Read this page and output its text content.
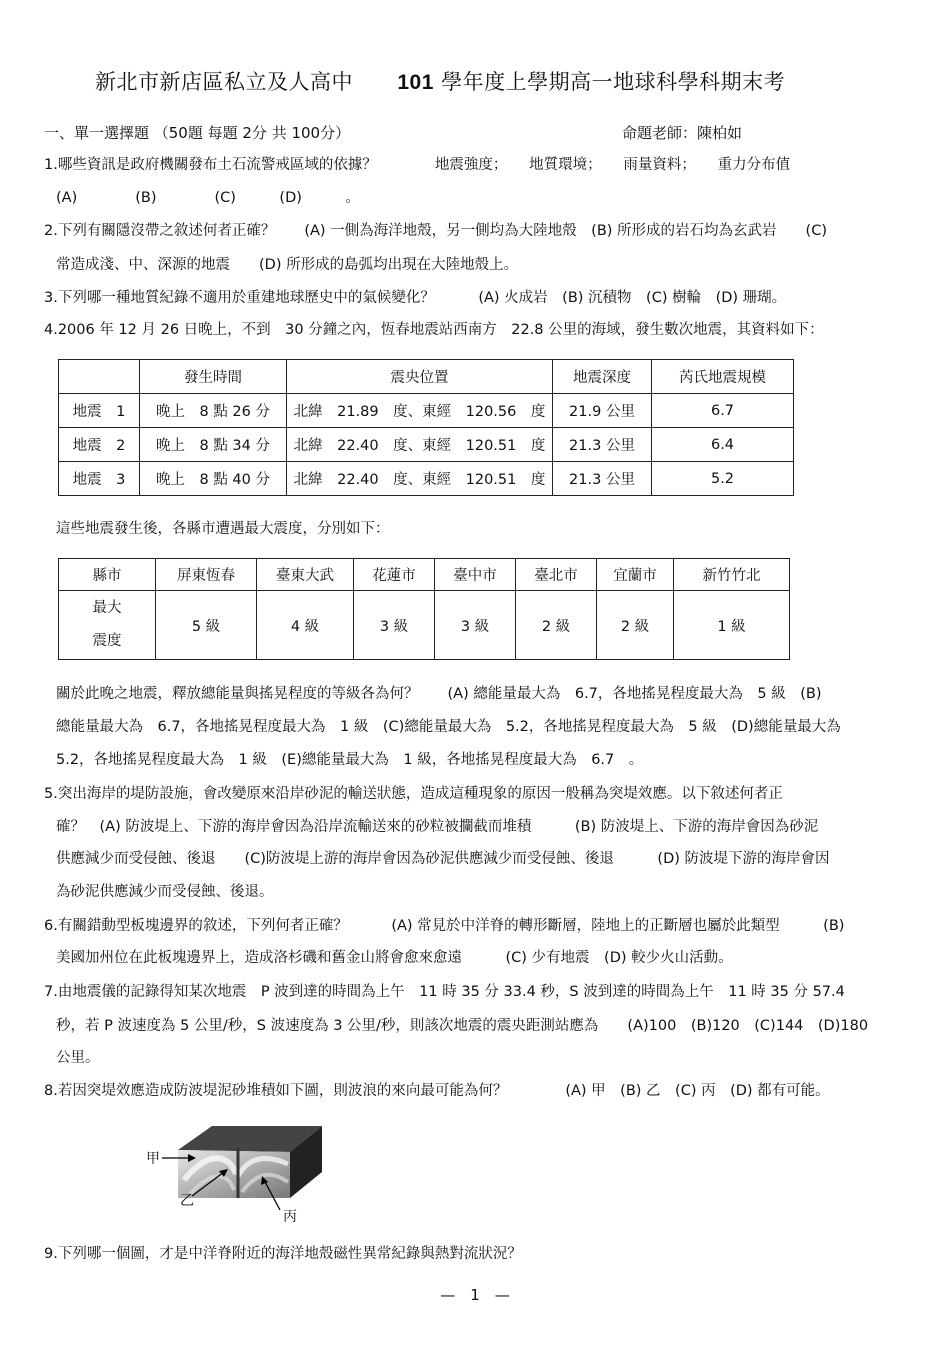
新北市新店區私立及人高中 101 學年度上學期高一地球科學科期末考
一、單一選擇題 （50題 每題 2分 共 100分）	命題老師：陳柏如
1.哪些資訊是政府機關發布土石流警戒區域的依據？　　　　地震強度；　　地質環境；　　雨量資料；　　重力分布值
(A)　　　　(B)　　　　(C)　　　(D)　　　。
2.下列有關隱沒帶之敘述何者正確？　　(A) 一側為海洋地殼，另一側均為大陸地殼　(B) 所形成的岩石均為玄武岩　　(C)
常造成淺、中、深源的地震　　(D) 所形成的島弧均出現在大陸地殼上。
3.下列哪一種地質紀錄不適用於重建地球歷史中的氣候變化？　　　(A) 火成岩　(B) 沉積物　(C) 樹輪　(D) 珊瑚。
4.2006 年 12 月 26 日晚上，不到　30 分鐘之內，恆春地震站西南方　22.8 公里的海域，發生數次地震，其資料如下：
	發生時間	震央位置	地震深度	芮氏地震規模
地震　1	晚上　8 點 26 分	北緯　21.89　度、東經　120.56　度	21.9 公里	6.7
地震　2	晚上　8 點 34 分	北緯　22.40　度、東經　120.51　度	21.3 公里	6.4
地震　3	晚上　8 點 40 分	北緯　22.40　度、東經　120.51　度	21.3 公里	5.2
這些地震發生後，各縣市遭遇最大震度，分別如下：
縣市	屏東恆春	臺東大武	花蓮市	臺中市	臺北市	宜蘭市	新竹竹北

最大
震度	5 級	4 級	3 級	3 級	2 級	2 級	1 級
關於此晚之地震，釋放總能量與搖晃程度的等級各為何？　　(A) 總能量最大為　6.7，各地搖晃程度最大為　5 級　(B)
總能量最大為　6.7，各地搖晃程度最大為　1 級　(C)總能量最大為　5.2，各地搖晃程度最大為　5 級　(D)總能量最大為
5.2，各地搖晃程度最大為　1 級　(E)總能量最大為　1 級，各地搖晃程度最大為　6.7　。
5.突出海岸的堤防設施，會改變原來沿岸砂泥的輸送狀態，造成這種現象的原因一般稱為突堤效應。以下敘述何者正
確？　(A) 防波堤上、下游的海岸會因為沿岸流輸送來的砂粒被攔截而堆積　　　(B) 防波堤上、下游的海岸會因為砂泥
供應減少而受侵蝕、後退　　(C)防波堤上游的海岸會因為砂泥供應減少而受侵蝕、後退　　　(D) 防波堤下游的海岸會因
為砂泥供應減少而受侵蝕、後退。
6.有關錯動型板塊邊界的敘述，下列何者正確？　　　(A) 常見於中洋脊的轉形斷層，陸地上的正斷層也屬於此類型　　　(B)
美國加州位在此板塊邊界上，造成洛杉磯和舊金山將會愈來愈遠　　　(C) 少有地震　(D) 較少火山活動。
7.由地震儀的記錄得知某次地震　P 波到達的時間為上午　11 時 35 分 33.4 秒，S 波到達的時間為上午　11 時 35 分 57.4
秒，若 P 波速度為 5 公里/秒，S 波速度為 3 公里/秒，則該次地震的震央距測站應為　　(A)100　(B)120　(C)144　(D)180
公里。
8.若因突堤效應造成防波堤泥砂堆積如下圖，則波浪的來向最可能為何？　　　　(A) 甲　(B) 乙　(C) 丙　(D) 都有可能。
甲
乙
丙
9.下列哪一個圖，才是中洋脊附近的海洋地殼磁性異常紀錄與熱對流狀況？
—　1　—
